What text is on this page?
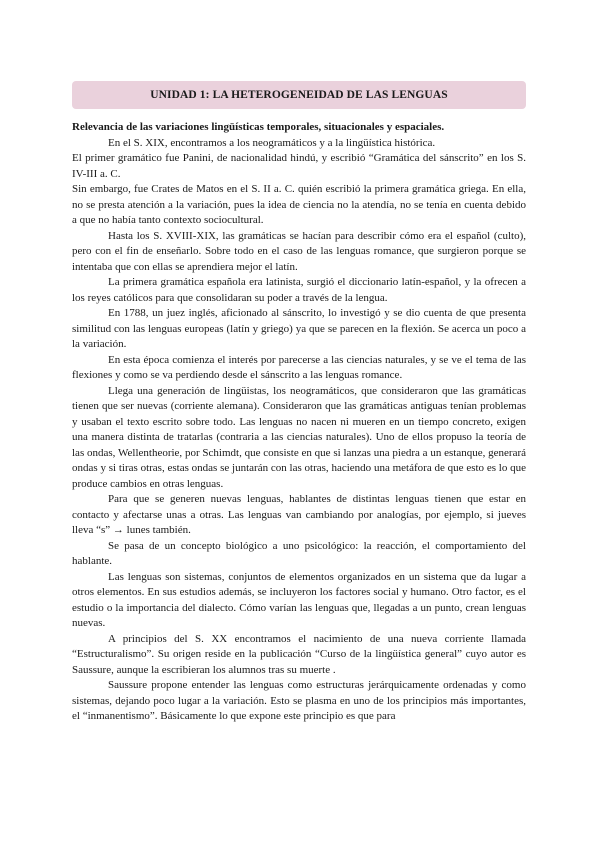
UNIDAD 1: LA HETEROGENEIDAD DE LAS LENGUAS
Relevancia de las variaciones lingüísticas temporales, situacionales y espaciales.

En el S. XIX, encontramos a los neogramáticos y a la lingüística histórica.

El primer gramático fue Panini, de nacionalidad hindú, y escribió “Gramática del sánscrito” en los S. IV-III a. C.

Sin embargo, fue Crates de Matos en el S. II a. C. quién escribió la primera gramática griega. En ella, no se presta atención a la variación, pues la idea de ciencia no la atendía, no se tenía en cuenta debido a que no había tanto contexto sociocultural.

Hasta los S. XVIII-XIX, las gramáticas se hacían para describir cómo era el español (culto), pero con el fin de enseñarlo. Sobre todo en el caso de las lenguas romance, que surgieron porque se intentaba que con ellas se aprendiera mejor el latín.

La primera gramática española era latinista, surgió el diccionario latín-español, y la ofrecen a los reyes católicos para que consolidaran su poder a través de la lengua.

En 1788, un juez inglés, aficionado al sánscrito, lo investigó y se dio cuenta de que presenta similitud con las lenguas europeas (latín y griego) ya que se parecen en la flexión. Se acerca un poco a la variación.

En esta época comienza el interés por parecerse a las ciencias naturales, y se ve el tema de las flexiones y como se va perdiendo desde el sánscrito a las lenguas romance.

Llega una generación de lingüistas, los neogramáticos, que consideraron que las gramáticas tienen que ser nuevas (corriente alemana). Consideraron que las gramáticas antiguas tenían problemas y usaban el texto escrito sobre todo. Las lenguas no nacen ni mueren en un tiempo concreto, exigen una manera distinta de tratarlas (contraria a las ciencias naturales). Uno de ellos propuso la teoría de las ondas, Wellentheorie, por Schimdt, que consiste en que si lanzas una piedra a un estanque, generará ondas y si tiras otras, estas ondas se juntarán con las otras, haciendo una metáfora de que esto es lo que produce cambios en otras lenguas.

Para que se generen nuevas lenguas, hablantes de distintas lenguas tienen que estar en contacto y afectarse unas a otras. Las lenguas van cambiando por analogías, por ejemplo, si jueves lleva “s” → lunes también.

Se pasa de un concepto biológico a uno psicológico: la reacción, el comportamiento del hablante.

Las lenguas son sistemas, conjuntos de elementos organizados en un sistema que da lugar a otros elementos. En sus estudios además, se incluyeron los factores social y humano. Otro factor, es el estudio o la importancia del dialecto. Cómo varían las lenguas que, llegadas a un punto, crean lenguas nuevas.

A principios del S. XX encontramos el nacimiento de una nueva corriente llamada “Estructuralismo”. Su origen reside en la publicación “Curso de la lingüística general” cuyo autor es Saussure, aunque la escribieran los alumnos tras su muerte .

Saussure propone entender las lenguas como estructuras jerárquicamente ordenadas y como sistemas, dejando poco lugar a la variación. Esto se plasma en uno de los principios más importantes, el “inmanentismo”. Básicamente lo que expone este principio es que para
